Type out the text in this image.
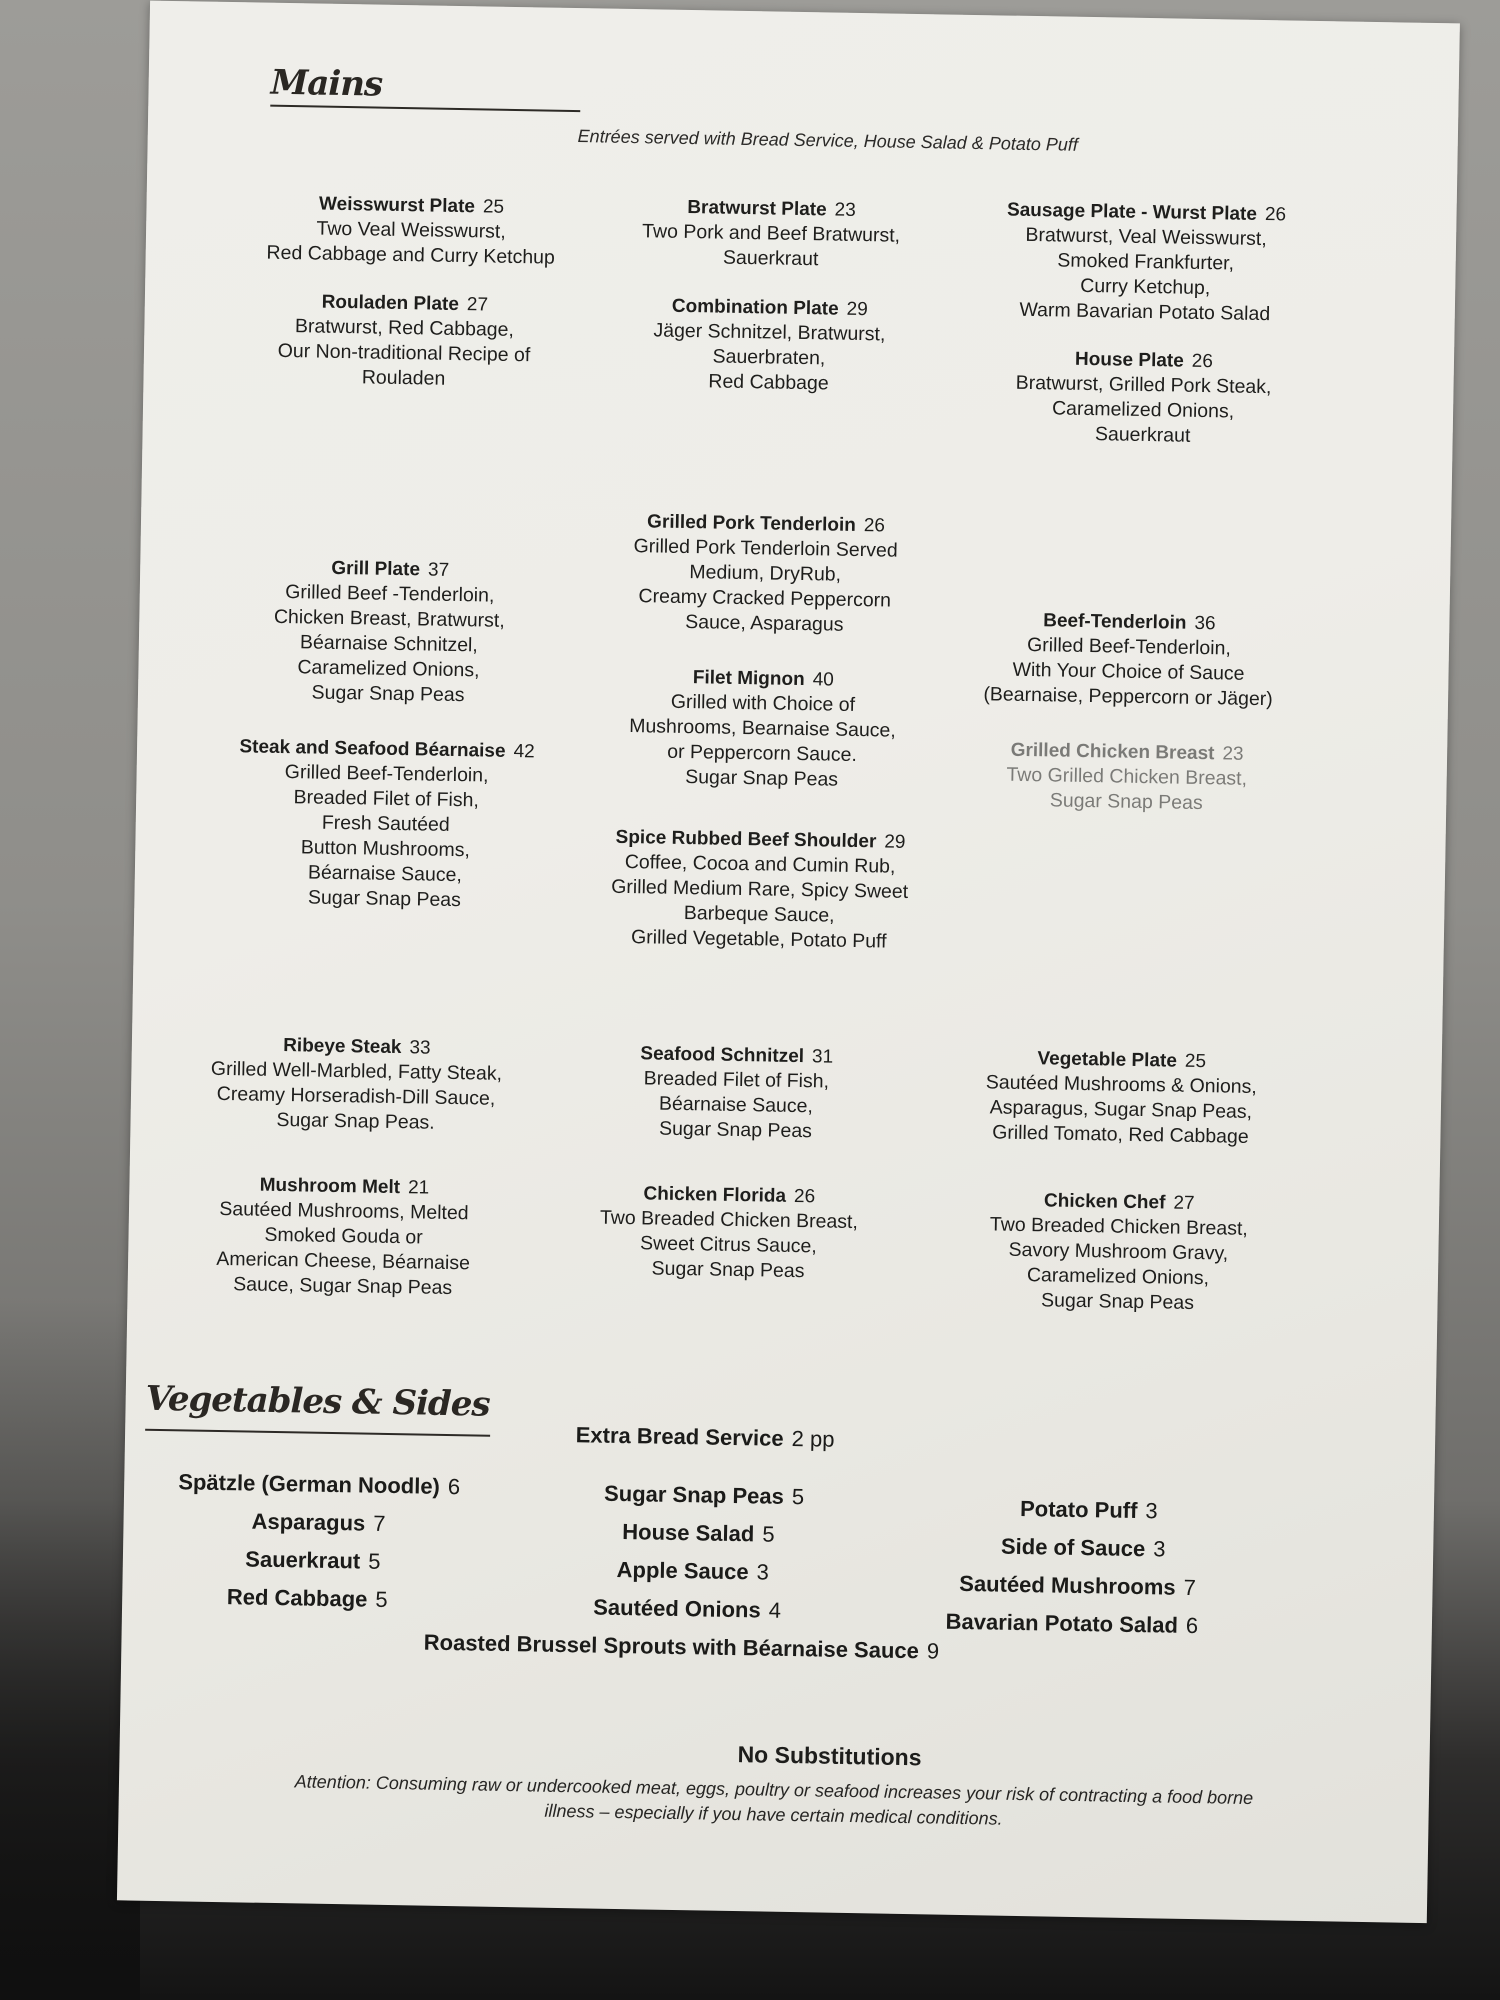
Mains
Entrées served with Bread Service, House Salad & Potato Puff
Weisswurst Plate 25
Two Veal Weisswurst,
Red Cabbage and Curry Ketchup
Bratwurst Plate 23
Two Pork and Beef Bratwurst,
Sauerkraut
Sausage Plate - Wurst Plate 26
Bratwurst, Veal Weisswurst,
Smoked Frankfurter,
Curry Ketchup,
Warm Bavarian Potato Salad
Rouladen Plate 27
Bratwurst, Red Cabbage,
Our Non-traditional Recipe of
Rouladen
Combination Plate 29
Jäger Schnitzel, Bratwurst,
Sauerbraten,
Red Cabbage
House Plate 26
Bratwurst, Grilled Pork Steak,
Caramelized Onions,
Sauerkraut
Grilled Pork Tenderloin 26
Grilled Pork Tenderloin Served
Medium, DryRub,
Creamy Cracked Peppercorn
Sauce, Asparagus
Grill Plate 37
Grilled Beef -Tenderloin,
Chicken Breast, Bratwurst,
Béarnaise Schnitzel,
Caramelized Onions,
Sugar Snap Peas
Beef-Tenderloin 36
Grilled Beef-Tenderloin,
With Your Choice of Sauce
(Bearnaise, Peppercorn or Jäger)
Filet Mignon 40
Grilled with Choice of
Mushrooms, Bearnaise Sauce,
or Peppercorn Sauce.
Sugar Snap Peas
Grilled Chicken Breast 23
Two Grilled Chicken Breast,
Sugar Snap Peas
Steak and Seafood Béarnaise 42
Grilled Beef-Tenderloin,
Breaded Filet of Fish,
Fresh Sautéed
Button Mushrooms,
Béarnaise Sauce,
Sugar Snap Peas
Spice Rubbed Beef Shoulder 29
Coffee, Cocoa and Cumin Rub,
Grilled Medium Rare, Spicy Sweet
Barbeque Sauce,
Grilled Vegetable, Potato Puff
Ribeye Steak 33
Grilled Well-Marbled, Fatty Steak,
Creamy Horseradish-Dill Sauce,
Sugar Snap Peas.
Seafood Schnitzel 31
Breaded Filet of Fish,
Béarnaise Sauce,
Sugar Snap Peas
Vegetable Plate 25
Sautéed Mushrooms & Onions,
Asparagus, Sugar Snap Peas,
Grilled Tomato, Red Cabbage
Mushroom Melt 21
Sautéed Mushrooms, Melted
Smoked Gouda or
American Cheese, Béarnaise
Sauce, Sugar Snap Peas
Chicken Florida 26
Two Breaded Chicken Breast,
Sweet Citrus Sauce,
Sugar Snap Peas
Chicken Chef 27
Two Breaded Chicken Breast,
Savory Mushroom Gravy,
Caramelized Onions,
Sugar Snap Peas
Vegetables & Sides
Extra Bread Service 2 pp
Spätzle (German Noodle) 6
Asparagus 7
Sauerkraut 5
Red Cabbage 5
Sugar Snap Peas 5
House Salad 5
Apple Sauce 3
Sautéed Onions 4
Potato Puff 3
Side of Sauce 3
Sautéed Mushrooms 7
Bavarian Potato Salad 6
Roasted Brussel Sprouts with Béarnaise Sauce 9
No Substitutions
Attention: Consuming raw or undercooked meat, eggs, poultry or seafood increases your risk of contracting a food borne illness – especially if you have certain medical conditions.
